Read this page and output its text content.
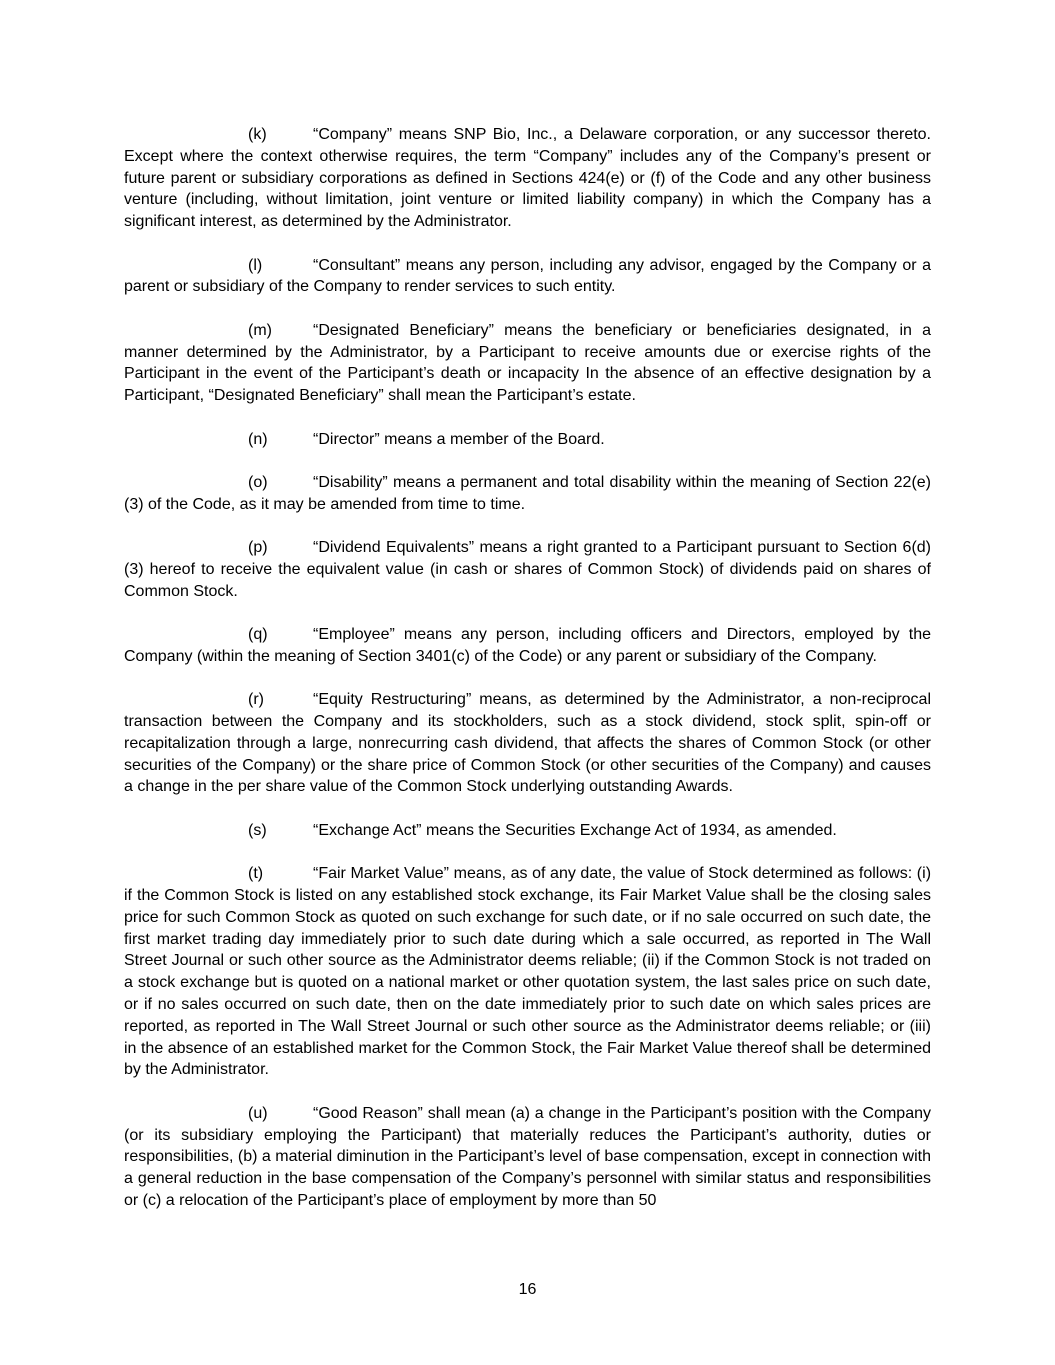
(k)	“Company” means SNP Bio, Inc., a Delaware corporation, or any successor thereto. Except where the context otherwise requires, the term “Company” includes any of the Company’s present or future parent or subsidiary corporations as defined in Sections 424(e) or (f) of the Code and any other business venture (including, without limitation, joint venture or limited liability company) in which the Company has a significant interest, as determined by the Administrator.

(l)	“Consultant” means any person, including any advisor, engaged by the Company or a parent or subsidiary of the Company to render services to such entity.

(m)	“Designated Beneficiary” means the beneficiary or beneficiaries designated, in a manner determined by the Administrator, by a Participant to receive amounts due or exercise rights of the Participant in the event of the Participant’s death or incapacity In the absence of an effective designation by a Participant, “Designated Beneficiary” shall mean the Participant’s estate.

(n)	“Director” means a member of the Board.

(o)	“Disability” means a permanent and total disability within the meaning of Section 22(e)(3) of the Code, as it may be amended from time to time.

(p)	“Dividend Equivalents” means a right granted to a Participant pursuant to Section 6(d)(3) hereof to receive the equivalent value (in cash or shares of Common Stock) of dividends paid on shares of Common Stock.

(q)	“Employee” means any person, including officers and Directors, employed by the Company (within the meaning of Section 3401(c) of the Code) or any parent or subsidiary of the Company.

(r)	“Equity Restructuring” means, as determined by the Administrator, a non-reciprocal transaction between the Company and its stockholders, such as a stock dividend, stock split, spin-off or recapitalization through a large, nonrecurring cash dividend, that affects the shares of Common Stock (or other securities of the Company) or the share price of Common Stock (or other securities of the Company) and causes a change in the per share value of the Common Stock underlying outstanding Awards.

(s)	“Exchange Act” means the Securities Exchange Act of 1934, as amended.

(t)	“Fair Market Value” means, as of any date, the value of Stock determined as follows: (i) if the Common Stock is listed on any established stock exchange, its Fair Market Value shall be the closing sales price for such Common Stock as quoted on such exchange for such date, or if no sale occurred on such date, the first market trading day immediately prior to such date during which a sale occurred, as reported in The Wall Street Journal or such other source as the Administrator deems reliable; (ii) if the Common Stock is not traded on a stock exchange but is quoted on a national market or other quotation system, the last sales price on such date, or if no sales occurred on such date, then on the date immediately prior to such date on which sales prices are reported, as reported in The Wall Street Journal or such other source as the Administrator deems reliable; or (iii) in the absence of an established market for the Common Stock, the Fair Market Value thereof shall be determined by the Administrator.

(u)	“Good Reason” shall mean (a) a change in the Participant’s position with the Company (or its subsidiary employing the Participant) that materially reduces the Participant’s authority, duties or responsibilities, (b) a material diminution in the Participant’s level of base compensation, except in connection with a general reduction in the base compensation of the Company’s personnel with similar status and responsibilities or (c) a relocation of the Participant’s place of employment by more than 50

16
